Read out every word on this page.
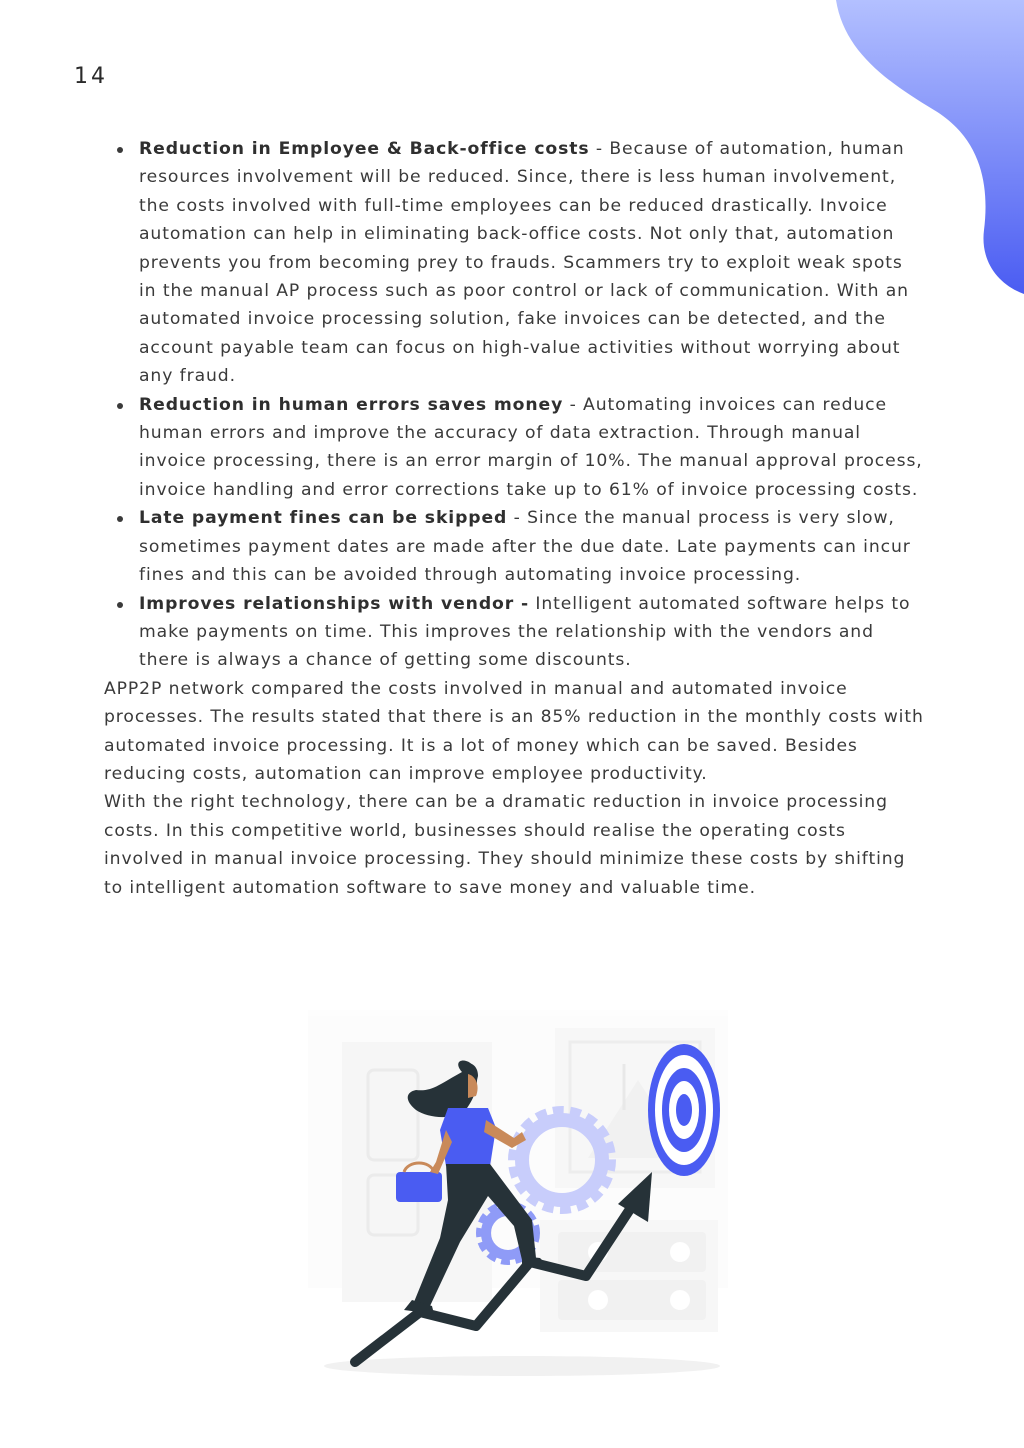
14
Reduction in Employee & Back-office costs - Because of automation, human resources involvement will be reduced. Since, there is less human involvement, the costs involved with full-time employees can be reduced drastically. Invoice automation can help in eliminating back-office costs. Not only that, automation prevents you from becoming prey to frauds. Scammers try to exploit weak spots in the manual AP process such as poor control or lack of communication. With an automated invoice processing solution, fake invoices can be detected, and the account payable team can focus on high-value activities without worrying about any fraud.
Reduction in human errors saves money - Automating invoices can reduce human errors and improve the accuracy of data extraction. Through manual invoice processing, there is an error margin of 10%. The manual approval process, invoice handling and error corrections take up to 61% of invoice processing costs.
Late payment fines can be skipped - Since the manual process is very slow, sometimes payment dates are made after the due date. Late payments can incur fines and this can be avoided through automating invoice processing.
Improves relationships with vendor - Intelligent automated software helps to make payments on time. This improves the relationship with the vendors and there is always a chance of getting some discounts.

APP2P network compared the costs involved in manual and automated invoice processes. The results stated that there is an 85% reduction in the monthly costs with automated invoice processing. It is a lot of money which can be saved. Besides reducing costs, automation can improve employee productivity.

With the right technology, there can be a dramatic reduction in invoice processing costs. In this competitive world, businesses should realise the operating costs involved in manual invoice processing. They should minimize these costs by shifting to intelligent automation software to save money and valuable time.
